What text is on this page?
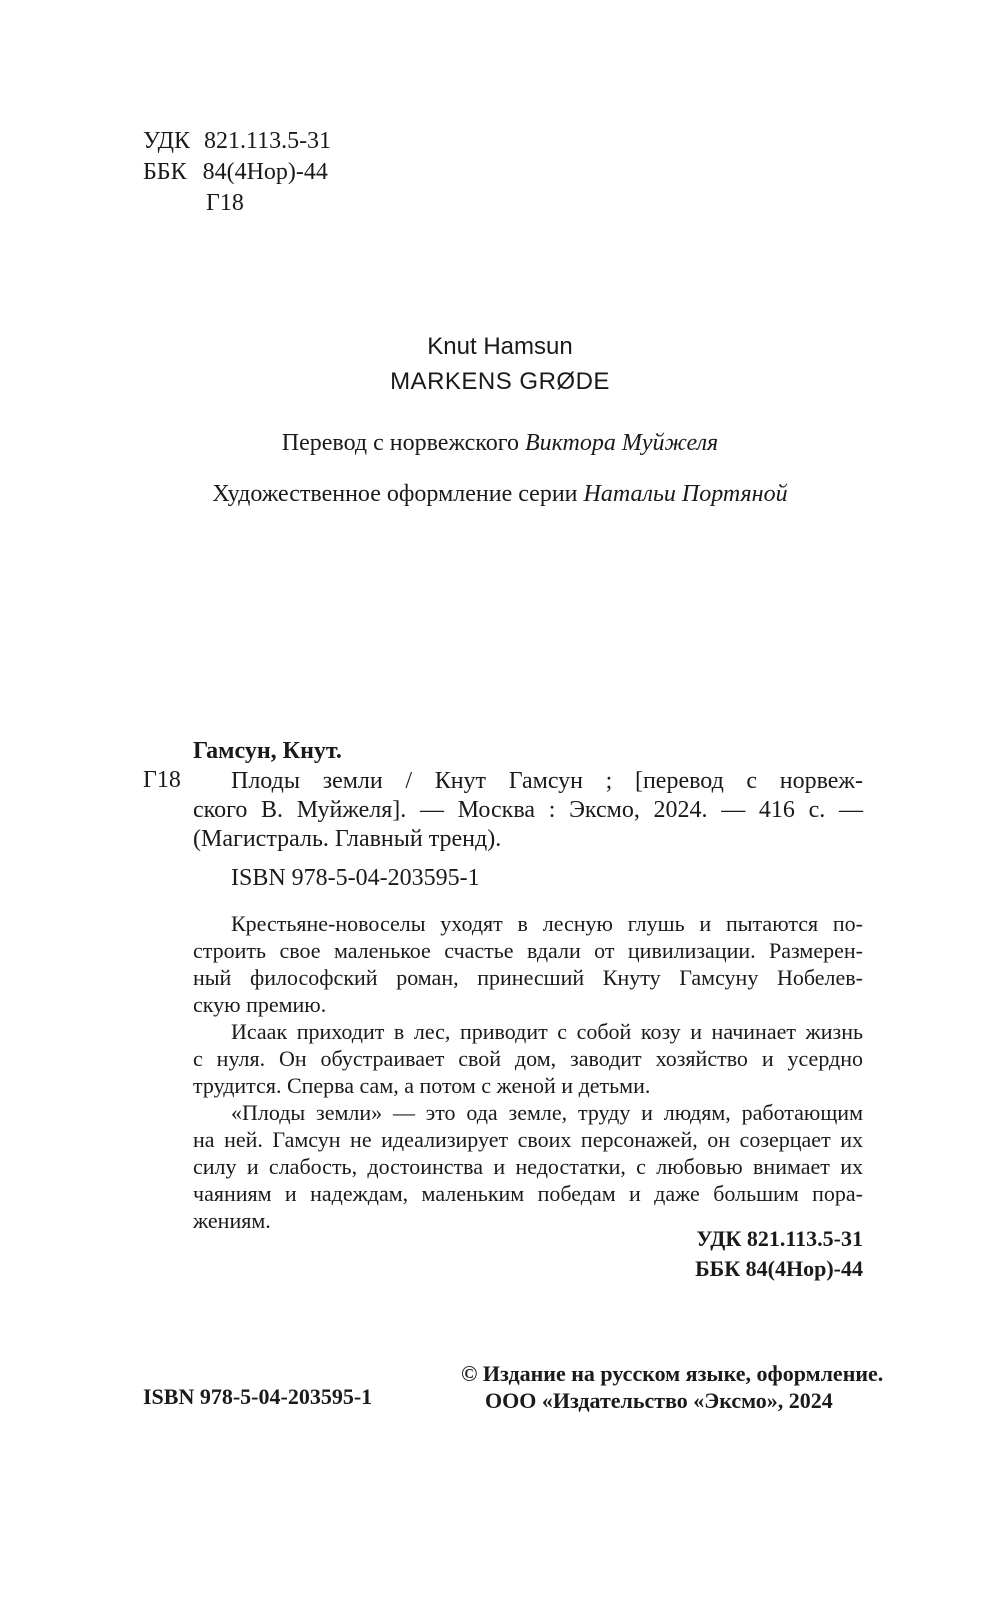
УДК 821.113.5-31
ББК 84(4Нор)-44
Г18
Knut Hamsun
MARKENS GRØDE
Перевод с норвежского Виктора Муйжеля
Художественное оформление серии Натальи Портяной
Гамсун, Кнут.
Г18	Плоды земли / Кнут Гамсун ; [перевод с норвеж-
ского В. Муйжеля]. — Москва : Эксмо, 2024. — 416 с. —
(Магистраль. Главный тренд).
ISBN 978-5-04-203595-1
Крестьяне-новоселы уходят в лесную глушь и пытаются по-
строить свое маленькое счастье вдали от цивилизации. Размерен-
ный философский роман, принесший Кнуту Гамсуну Нобелев-
скую премию.
Исаак приходит в лес, приводит с собой козу и начинает жизнь
с нуля. Он обустраивает свой дом, заводит хозяйство и усердно
трудится. Сперва сам, а потом с женой и детьми.
«Плоды земли» — это ода земле, труду и людям, работающим
на ней. Гамсун не идеализирует своих персонажей, он созерцает их
силу и слабость, достоинства и недостатки, с любовью внимает их
чаяниям и надеждам, маленьким победам и даже большим пора-
жениям.
УДК 821.113.5-31
ББК 84(4Нор)-44
ISBN 978-5-04-203595-1
© Издание на русском языке, оформление.
ООО «Издательство «Эксмо», 2024
